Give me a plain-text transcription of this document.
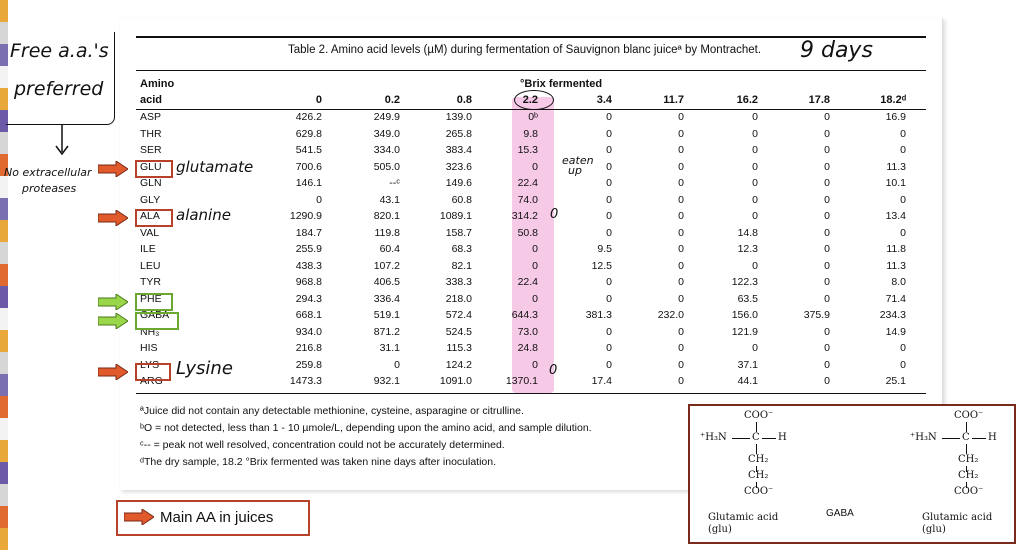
Free a.a.'s
preferred
No extracellular
proteases
Table 2. Amino acid levels (µM) during fermentation of Sauvignon blanc juiceª by Montrachet. 9 days
Amino
acid
°Brix fermented
0	0.2	0.8	2.2	3.4	11.7	16.2	17.8	18.2ᵈ
ASP	426.2	249.9	139.0	0ᵇ	0	0	0	0	16.9
THR	629.8	349.0	265.8	9.8	0	0	0	0	0
SER	541.5	334.0	383.4	15.3	0	0	0	0	0
GLU	700.6	505.0	323.6	0	0	0	0	0	11.3
GLN	146.1	--ᶜ	149.6	22.4	0	0	0	0	10.1
GLY	0	43.1	60.8	74.0	0	0	0	0	0
ALA	1290.9	820.1	1089.1	314.2	0	0	0	0	13.4
VAL	184.7	119.8	158.7	50.8	0	0	14.8	0	0
ILE	255.9	60.4	68.3	0	9.5	0	12.3	0	11.8
LEU	438.3	107.2	82.1	0	12.5	0	0	0	11.3
TYR	968.8	406.5	338.3	22.4	0	0	122.3	0	8.0
PHE	294.3	336.4	218.0	0	0	0	63.5	0	71.4
GABA	668.1	519.1	572.4	644.3	381.3	232.0	156.0	375.9	234.3
NH₃	934.0	871.2	524.5	73.0	0	0	121.9	0	14.9
HIS	216.8	31.1	115.3	24.8	0	0	0	0	0
LYS	259.8	0	124.2	0	0	0	37.1	0	0
ARG	1473.3	932.1	1091.0	1370.1	17.4	0	44.1	0	25.1
eaten
up
0
0
glutamate
alanine
Lysine
ªJuice did not contain any detectable methionine, cysteine, asparagine or citrulline.
ᵇO = not detected, less than 1 - 10 µmole/L, depending upon the amino acid, and sample dilution.
ᶜ-- = peak not well resolved, concentration could not be accurately determined.
ᵈThe dry sample, 18.2 °Brix fermented was taken nine days after inoculation.
Main AA in juices
COO⁻
⁺H₃N	C H
CH₂
CH₂
COO⁻
Glutamic acid
(glu)
GABA
COO⁻
⁺H₃N	C H
CH₂
CH₂
COO⁻
Glutamic acid
(glu)
